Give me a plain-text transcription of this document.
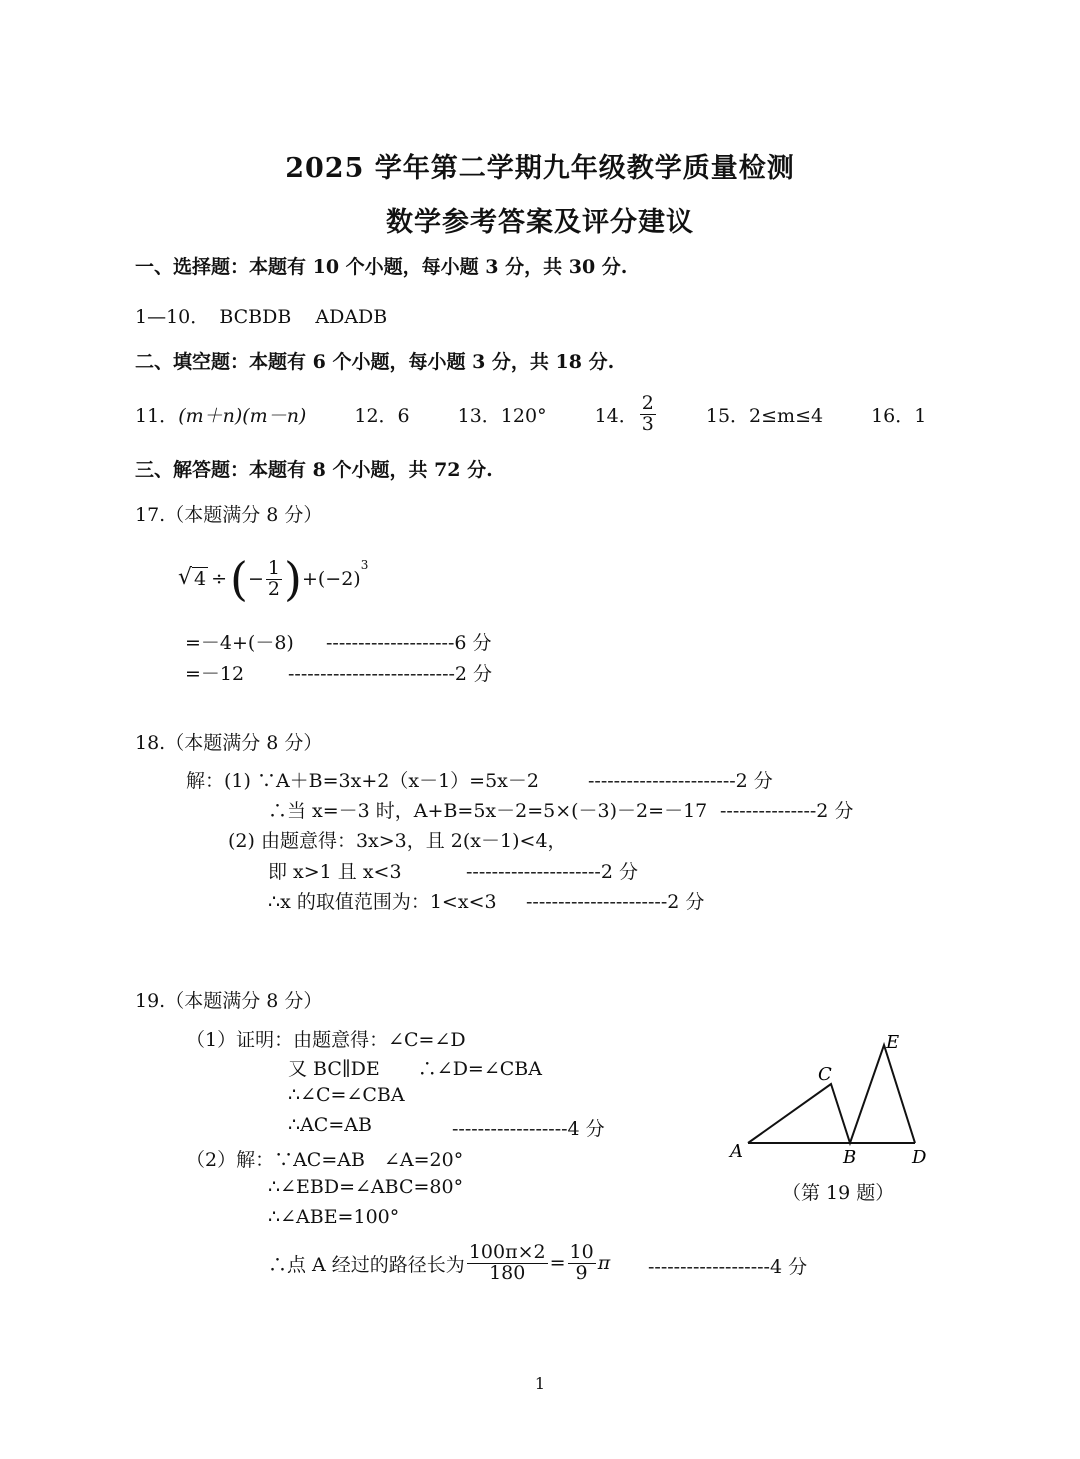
2025 学年第二学期九年级教学质量检测
数学参考答案及评分建议
一、选择题：本题有 10 个小题，每小题 3 分，共 30 分.
1—10． BCBDB ADADB
二、填空题：本题有 6 个小题，每小题 3 分，共 18 分.
11．(m＋n)(m－n)	12．6	13．120°	14． $\frac{2}{3}$	15．2≤m≤4	16．1
三、解答题：本题有 8 个小题，共 72 分.
17.（本题满分 8 分）
√ 4 ÷ ( − $\frac{1}{2}$ ) +(−2)
$^3$
=－4+(－8) --------------------6 分
=－12 --------------------------2 分
18.（本题满分 8 分）
解：(1) ∵A＋B=3x+2（x－1）=5x－2	-----------------------2 分
∴当 x=－3 时，A+B=5x－2=5×(－3)－2=－17 ---------------2 分
(2) 由题意得：3x>3，且 2(x－1)<4，
即 x>1 且 x<3	---------------------2 分
∴x 的取值范围为：1<x<3 ----------------------2 分
19.（本题满分 8 分）
（1）证明：由题意得：∠C=∠D
又 BC∥DE　　∴∠D=∠CBA
∴∠C=∠CBA
∴AC=AB	------------------4 分
（2）解：∵AC=AB　∠A=20°
∴∠EBD=∠ABC=80°
∴∠ABE=100°
∴点 A 经过的路径长为 $\frac{100\pi\times 2}{180} = \frac{10}{9}$ π -------------------4 分
A	B
C
D
E
（第 19 题）
1
